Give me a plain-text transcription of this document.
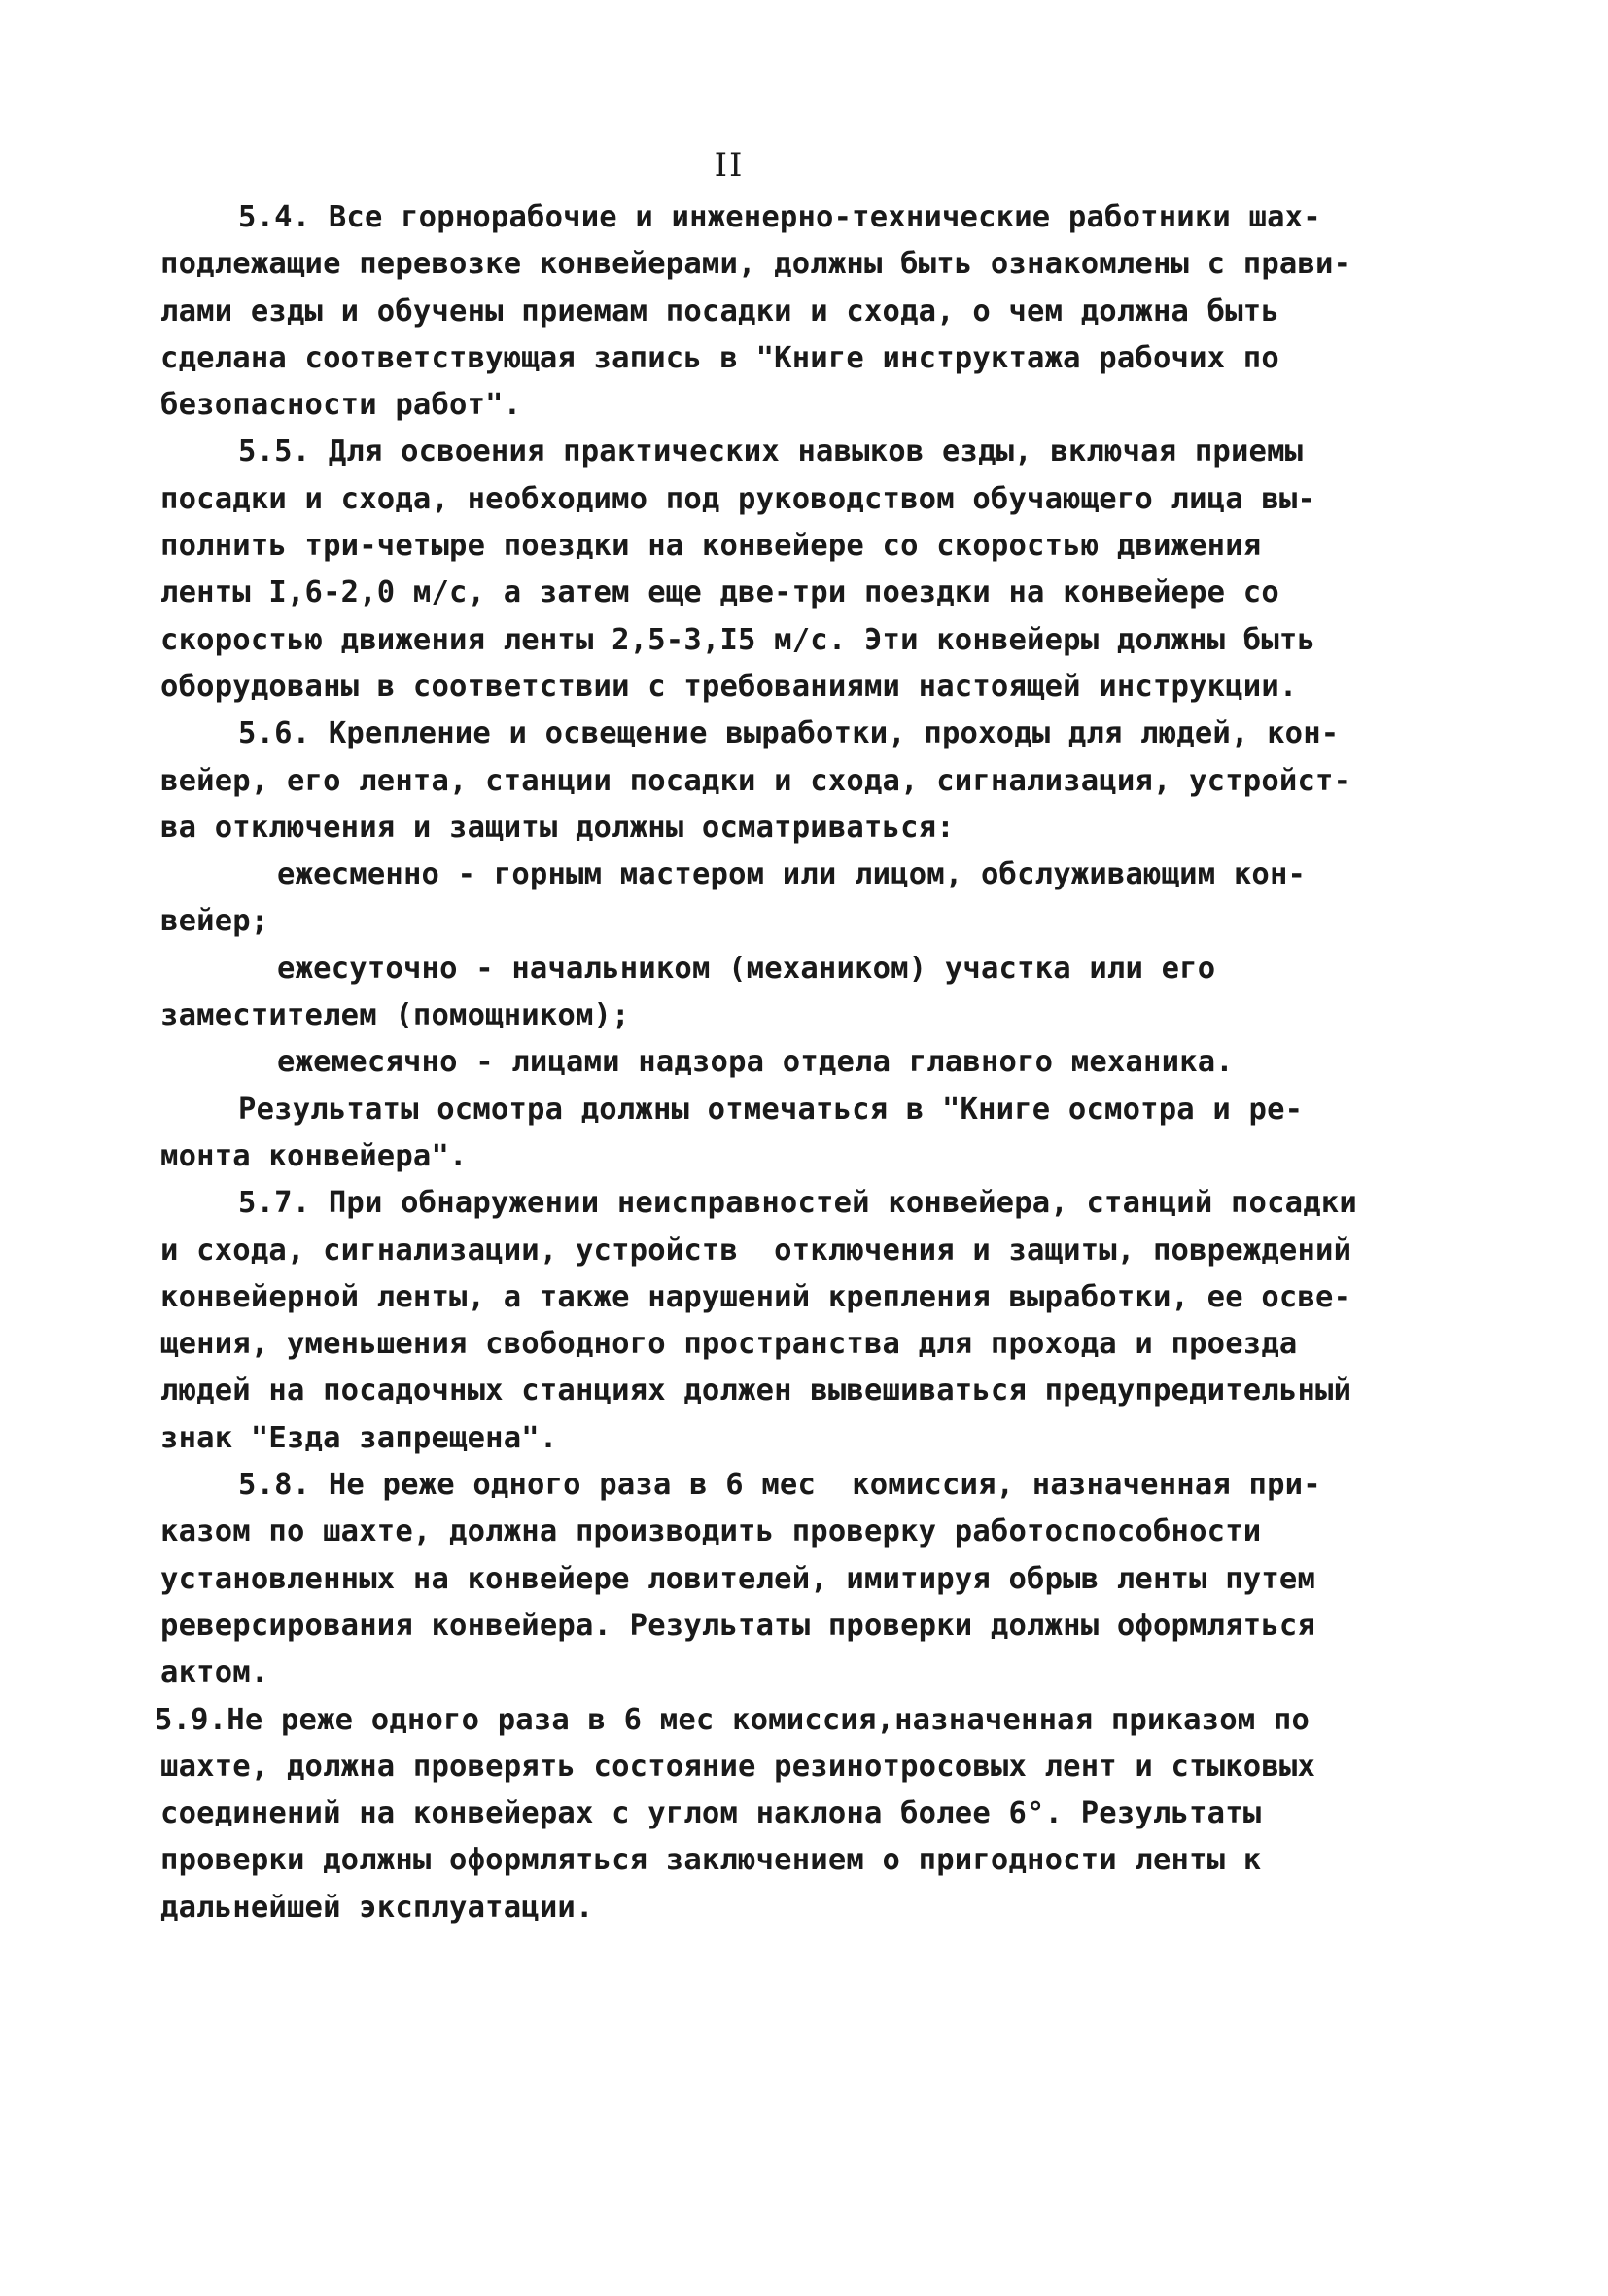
II
5.4. Все горнорабочие и инженерно-технические работники шах-
подлежащие перевозке конвейерами, должны быть ознакомлены с прави-
лами езды и обучены приемам посадки и схода, о чем должна быть
сделана соответствующая запись в "Книге инструктажа рабочих по
безопасности работ".
5.5. Для освоения практических навыков езды, включая приемы
посадки и схода, необходимо под руководством обучающего лица вы-
полнить три-четыре поездки на конвейере со скоростью движения
ленты I,6-2,0 м/с, а затем еще две-три поездки на конвейере со
скоростью движения ленты 2,5-3,I5 м/с. Эти конвейеры должны быть
оборудованы в соответствии с требованиями настоящей инструкции.
5.6. Крепление и освещение выработки, проходы для людей, кон-
вейер, его лента, станции посадки и схода, сигнализация, устройст-
ва отключения и защиты должны осматриваться:
ежесменно - горным мастером или лицом, обслуживающим кон-
вейер;
ежесуточно - начальником (механиком) участка или его
заместителем (помощником);
ежемесячно - лицами надзора отдела главного механика.
Результаты осмотра должны отмечаться в "Книге осмотра и ре-
монта конвейера".
5.7. При обнаружении неисправностей конвейера, станций посадки
и схода, сигнализации, устройств  отключения и защиты, повреждений
конвейерной ленты, а также нарушений крепления выработки, ее осве-
щения, уменьшения свободного пространства для прохода и проезда
людей на посадочных станциях должен вывешиваться предупредительный
знак "Езда запрещена".
5.8. Не реже одного раза в 6 мес  комиссия, назначенная при-
казом по шахте, должна производить проверку работоспособности
установленных на конвейере ловителей, имитируя обрыв ленты путем
реверсирования конвейера. Результаты проверки должны оформляться
актом.
5.9.Не реже одного раза в 6 мес комиссия,назначенная приказом по
шахте, должна проверять состояние резинотросовых лент и стыковых
соединений на конвейерах с углом наклона более 6°. Результаты
проверки должны оформляться заключением о пригодности ленты к
дальнейшей эксплуатации.
